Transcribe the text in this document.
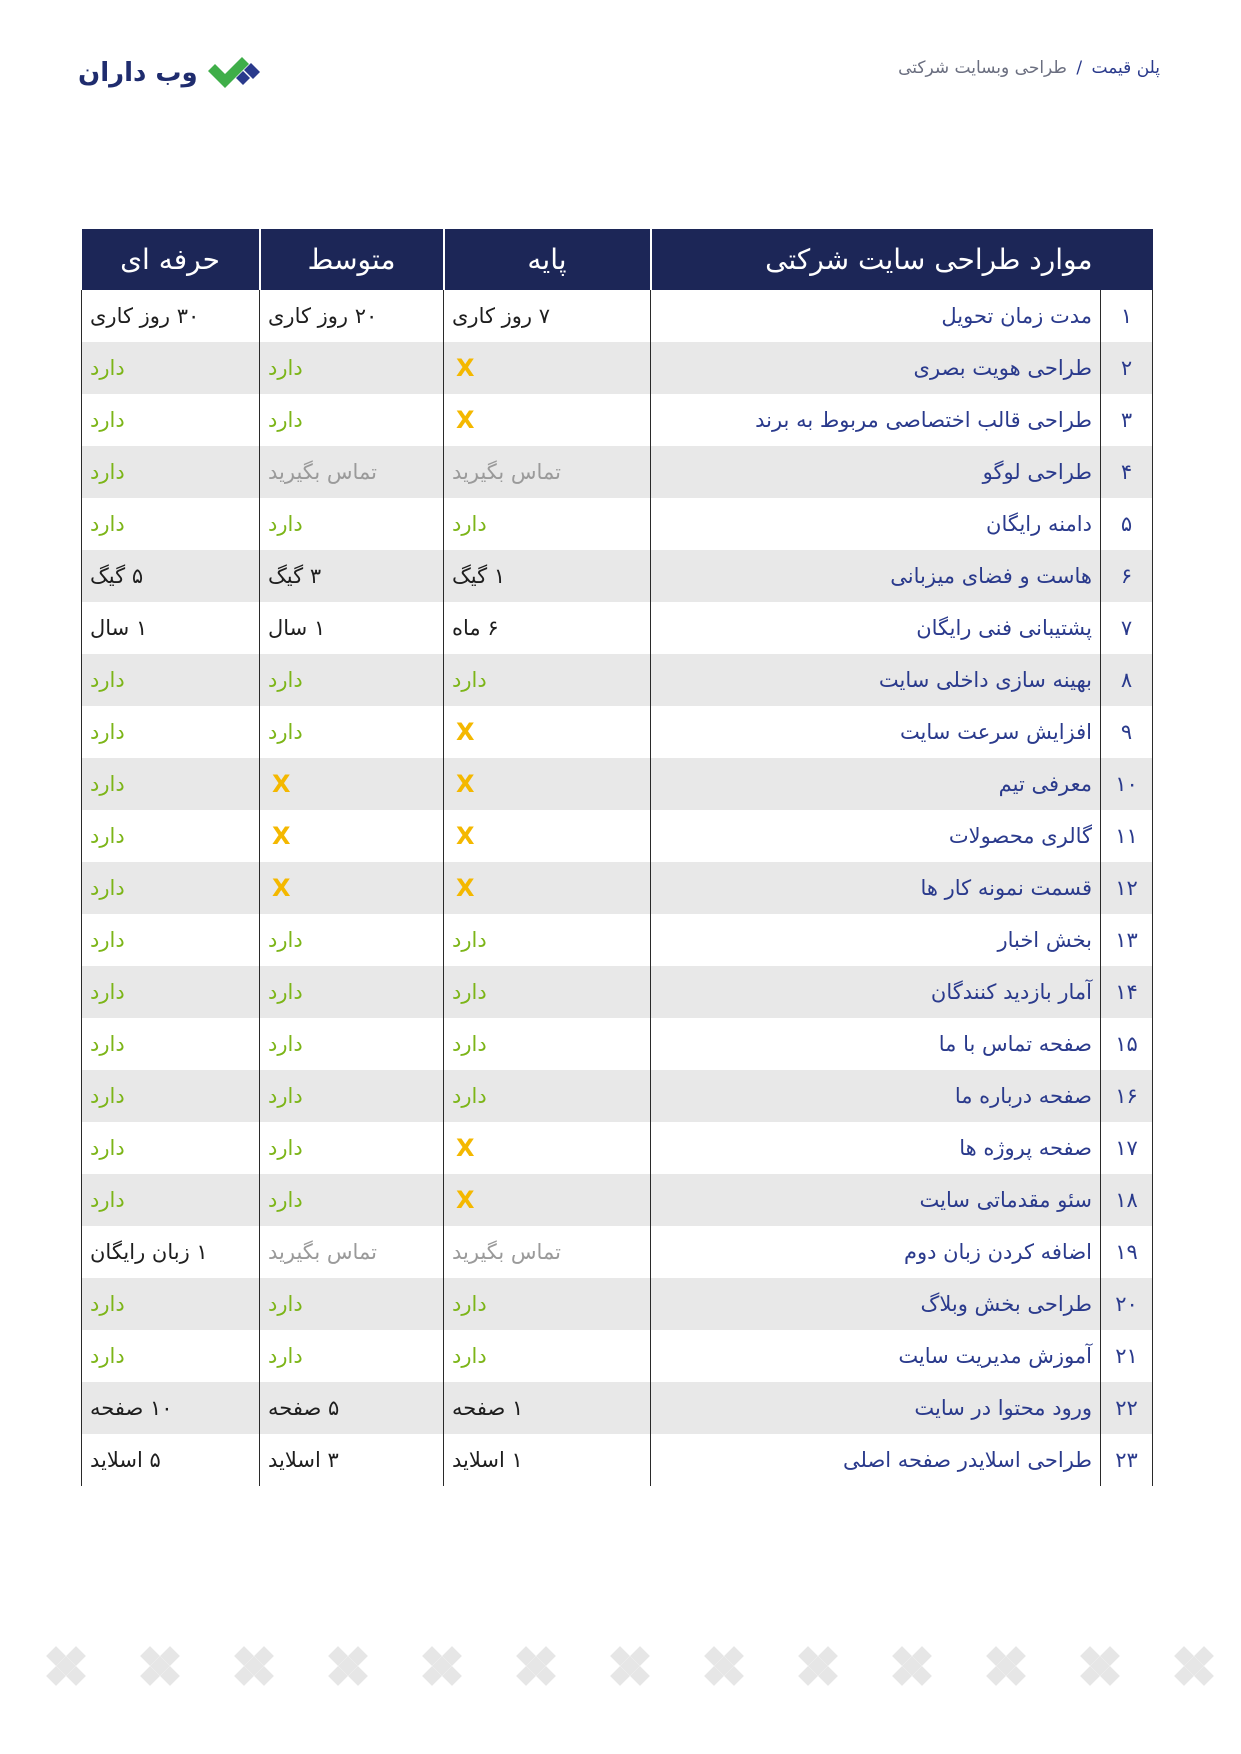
وب داران	پلن قیمت / طراحی وبسایت شرکتی
موارد طراحی سایت شرکتی		پایه	متوسط	حرفه ای
۱	مدت زمان تحویل	۷ روز کاری	۲۰ روز کاری	۳۰ روز کاری
۲	طراحی هویت بصری	X	دارد	دارد
۳	طراحی قالب اختصاصی مربوط به برند	X	دارد	دارد
۴	طراحی لوگو	تماس بگیرید	تماس بگیرید	دارد
۵	دامنه رایگان	دارد	دارد	دارد
۶	هاست و فضای میزبانی	۱ گیگ	۳ گیگ	۵ گیگ
۷	پشتیبانی فنی رایگان	۶ ماه	۱ سال	۱ سال
۸	بهینه سازی داخلی سایت	دارد	دارد	دارد
۹	افزایش سرعت سایت	X	دارد	دارد
۱۰	معرفی تیم	X	X	دارد
۱۱	گالری محصولات	X	X	دارد
۱۲	قسمت نمونه کار ها	X	X	دارد
۱۳	بخش اخبار	دارد	دارد	دارد
۱۴	آمار بازدید کنندگان	دارد	دارد	دارد
۱۵	صفحه تماس با ما	دارد	دارد	دارد
۱۶	صفحه درباره ما	دارد	دارد	دارد
۱۷	صفحه پروژه ها	X	دارد	دارد
۱۸	سئو مقدماتی سایت	X	دارد	دارد
۱۹	اضافه کردن زبان دوم	تماس بگیرید	تماس بگیرید	۱ زبان رایگان
۲۰	طراحی بخش وبلاگ	دارد	دارد	دارد
۲۱	آموزش مدیریت سایت	دارد	دارد	دارد
۲۲	ورود محتوا در سایت	۱ صفحه	۵ صفحه	۱۰ صفحه
۲۳	طراحی اسلایدر صفحه اصلی	۱ اسلاید	۳ اسلاید	۵ اسلاید
